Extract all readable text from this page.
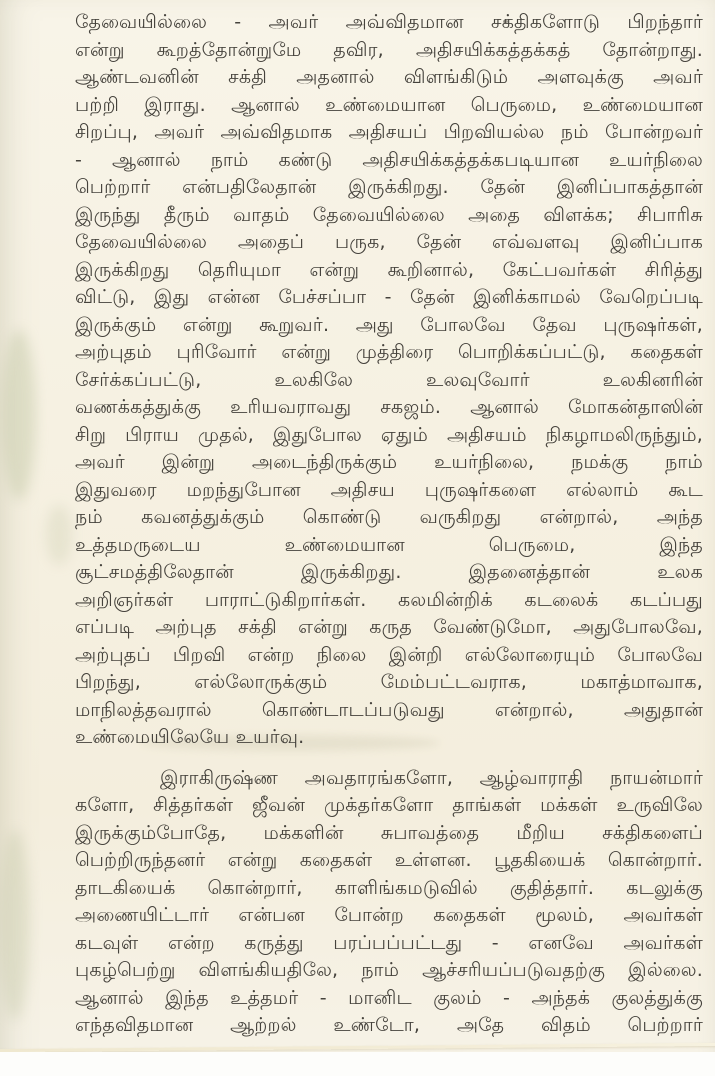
தேவையில்லை - அவர் அவ்விதமான சக்திகளோடு பிறந்தார்
என்று கூறத்தோன்றுமே தவிர, அதிசயிக்கத்தக்கத் தோன்றாது.
ஆண்டவனின் சக்தி அதனால் விளங்கிடும் அளவுக்கு அவர்
பற்றி இராது. ஆனால் உண்மையான பெருமை, உண்மையான
சிறப்பு, அவர் அவ்விதமாக அதிசயப் பிறவியல்ல நம் போன்றவர்
- ஆனால் நாம் கண்டு அதிசயிக்கத்தக்கபடியான உயர்நிலை
பெற்றார் என்பதிலேதான் இருக்கிறது. தேன் இனிப்பாகத்தான்
இருந்து தீரும் வாதம் தேவையில்லை அதை விளக்க; சிபாரிசு
தேவையில்லை அதைப் பருக, தேன் எவ்வளவு இனிப்பாக
இருக்கிறது தெரியுமா என்று கூறினால், கேட்பவர்கள் சிரித்து
விட்டு, இது என்ன பேச்சப்பா - தேன் இனிக்காமல் வேறெப்படி
இருக்கும் என்று கூறுவர். அது போலவே தேவ புருஷர்கள்,
அற்புதம் புரிவோர் என்று முத்திரை பொறிக்கப்பட்டு, கதைகள்
சேர்க்கப்பட்டு, உலகிலே உலவுவோர் உலகினரின்
வணக்கத்துக்கு உரியவராவது சகஜம். ஆனால் மோகன்தாஸின்
சிறு பிராய முதல், இதுபோல ஏதும் அதிசயம் நிகழாமலிருந்தும்,
அவர் இன்று அடைந்திருக்கும் உயர்நிலை, நமக்கு நாம்
இதுவரை மறந்துபோன அதிசய புருஷர்களை எல்லாம் கூட
நம் கவனத்துக்கும் கொண்டு வருகிறது என்றால், அந்த
உத்தமருடைய உண்மையான பெருமை, இந்த
சூட்சமத்திலேதான் இருக்கிறது. இதனைத்தான் உலக
அறிஞர்கள் பாராட்டுகிறார்கள். கலமின்றிக் கடலைக் கடப்பது
எப்படி அற்புத சக்தி என்று கருத வேண்டுமோ, அதுபோலவே,
அற்புதப் பிறவி என்ற நிலை இன்றி எல்லோரையும் போலவே
பிறந்து, எல்லோருக்கும் மேம்பட்டவராக, மகாத்மாவாக,
மாநிலத்தவரால் கொண்டாடப்படுவது என்றால், அதுதான்
உண்மையிலேயே உயர்வு.
இராகிருஷ்ண அவதாரங்களோ, ஆழ்வாராதி நாயன்மார்
களோ, சித்தர்கள் ஜீவன் முக்தர்களோ தாங்கள் மக்கள் உருவிலே
இருக்கும்போதே, மக்களின் சுபாவத்தை மீறிய சக்திகளைப்
பெற்றிருந்தனர் என்று கதைகள் உள்ளன. பூதகியைக் கொன்றார்.
தாடகியைக் கொன்றார், காளிங்கமடுவில் குதித்தார். கடலுக்கு
அணையிட்டார் என்பன போன்ற கதைகள் மூலம், அவர்கள்
கடவுள் என்ற கருத்து பரப்பப்பட்டது - எனவே அவர்கள்
புகழ்பெற்று விளங்கியதிலே, நாம் ஆச்சரியப்படுவதற்கு இல்லை.
ஆனால் இந்த உத்தமர் - மானிட குலம் - அந்தக் குலத்துக்கு
எந்தவிதமான ஆற்றல் உண்டோ, அதே விதம் பெற்றார்
